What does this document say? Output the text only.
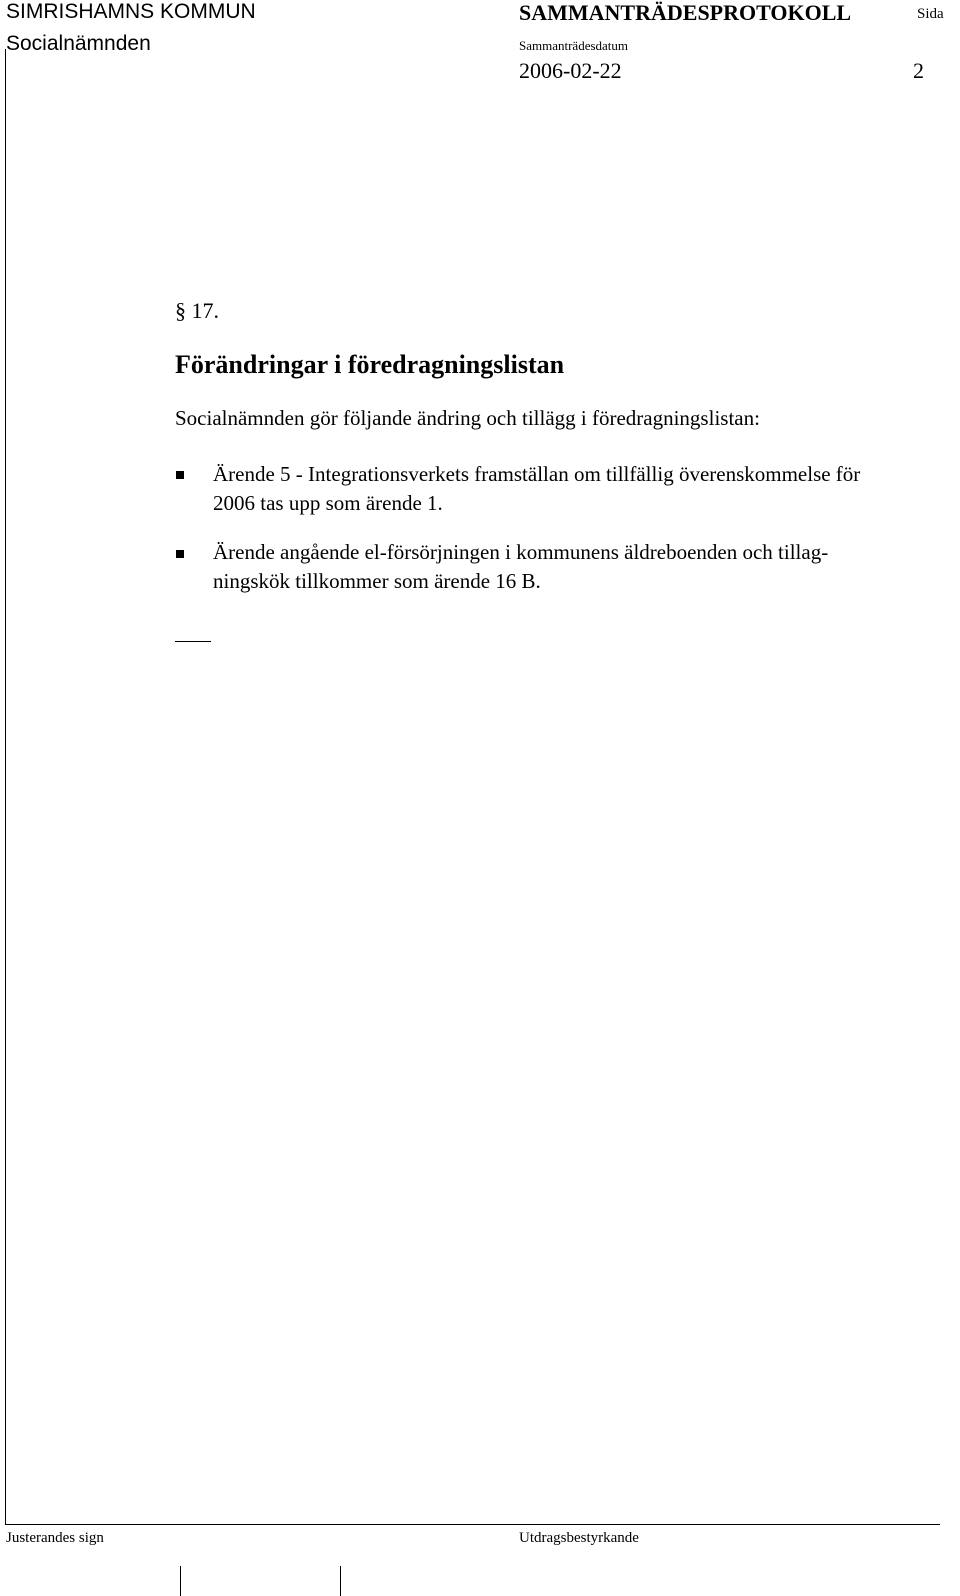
SIMRISHAMNS KOMMUN
Socialnämnden
SAMMANTRÄDESPROTOKOLL	Sida
Sammanträdesdatum
2006-02-22	2
§ 17.
Förändringar i föredragningslistan
Socialnämnden gör följande ändring och tillägg i föredragningslistan:
Ärende 5 - Integrationsverkets framställan om tillfällig överenskommelse för
2006 tas upp som ärende 1.
Ärende angående el-försörjningen i kommunens äldreboenden och tillag-
ningskök tillkommer som ärende 16 B.
Justerandes sign	Utdragsbestyrkande
